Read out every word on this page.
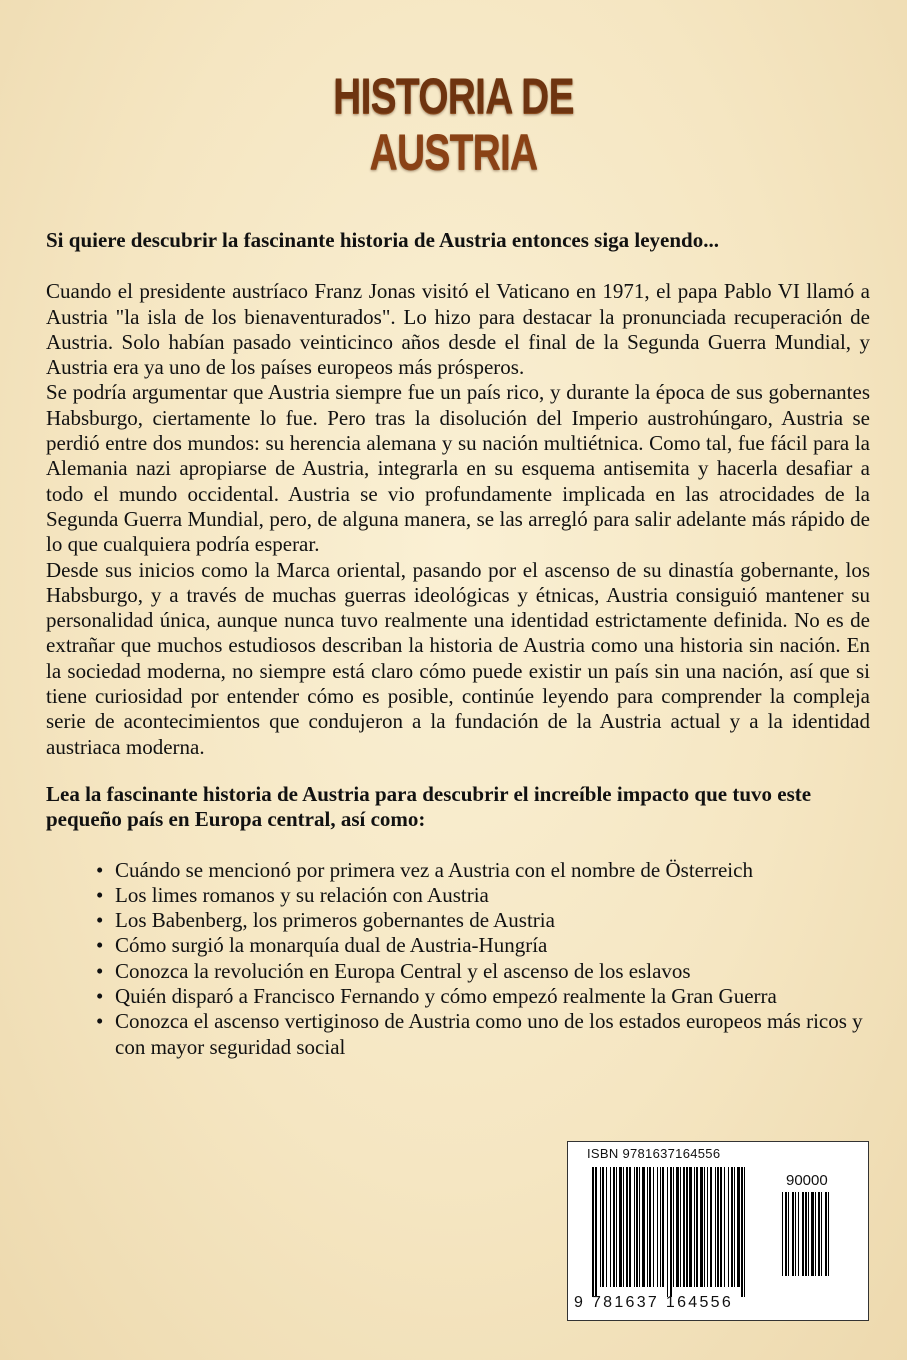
HISTORIA DE
AUSTRIA

Si quiere descubrir la fascinante historia de Austria entonces siga leyendo...

Cuando el presidente austríaco Franz Jonas visitó el Vaticano en 1971, el papa Pablo VI llamó a Austria "la isla de los bienaventurados". Lo hizo para destacar la pronunciada recuperación de Austria. Solo habían pasado veinticinco años desde el final de la Segunda Guerra Mundial, y Austria era ya uno de los países europeos más prósperos.

Se podría argumentar que Austria siempre fue un país rico, y durante la época de sus gobernantes Habsburgo, ciertamente lo fue. Pero tras la disolución del Imperio austrohúngaro, Austria se perdió entre dos mundos: su herencia alemana y su nación multiétnica. Como tal, fue fácil para la Alemania nazi apropiarse de Austria, integrarla en su esquema antisemita y hacerla desafiar a todo el mundo occidental. Austria se vio profundamente implicada en las atrocidades de la Segunda Guerra Mundial, pero, de alguna manera, se las arregló para salir adelante más rápido de lo que cualquiera podría esperar.

Desde sus inicios como la Marca oriental, pasando por el ascenso de su dinastía gobernante, los Habsburgo, y a través de muchas guerras ideológicas y étnicas, Austria consiguió mantener su personalidad única, aunque nunca tuvo realmente una identidad estrictamente definida. No es de extrañar que muchos estudiosos describan la historia de Austria como una historia sin nación. En la sociedad moderna, no siempre está claro cómo puede existir un país sin una nación, así que si tiene curiosidad por entender cómo es posible, continúe leyendo para comprender la compleja serie de acontecimientos que condujeron a la fundación de la Austria actual y a la identidad austriaca moderna.

Lea la fascinante historia de Austria para descubrir el increíble impacto que tuvo este pequeño país en Europa central, así como:

• Cuándo se mencionó por primera vez a Austria con el nombre de Österreich
• Los limes romanos y su relación con Austria
• Los Babenberg, los primeros gobernantes de Austria
• Cómo surgió la monarquía dual de Austria-Hungría
• Conozca la revolución en Europa Central y el ascenso de los eslavos
• Quién disparó a Francisco Fernando y cómo empezó realmente la Gran Guerra
• Conozca el ascenso vertiginoso de Austria como uno de los estados europeos más ricos y con mayor seguridad social
ISBN 9781637164556
90000
9 781637 164556
